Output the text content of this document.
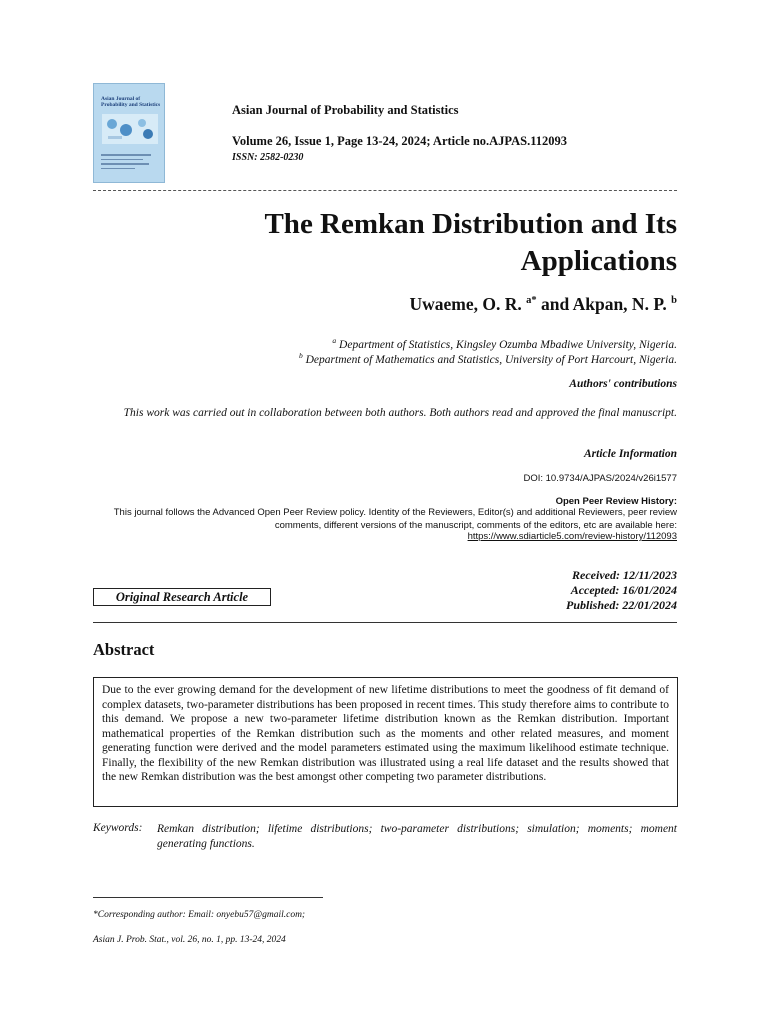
Asian Journal of Probability and Statistics	Asian Journal of Probability and Statistics
Volume 26, Issue 1, Page 13-24, 2024; Article no.AJPAS.112093
ISSN: 2582-0230
The Remkan Distribution and Its
Applications
Uwaeme, O. R. $^{a*}$ and Akpan, N. P. $^b$
$^a$ Department of Statistics, Kingsley Ozumba Mbadiwe University, Nigeria.
$^b$ Department of Mathematics and Statistics, University of Port Harcourt, Nigeria.
Authors' contributions
This work was carried out in collaboration between both authors. Both authors read and approved the final manuscript.
Article Information
DOI: 10.9734/AJPAS/2024/v26i1577
Open Peer Review History:
This journal follows the Advanced Open Peer Review policy. Identity of the Reviewers, Editor(s) and additional Reviewers, peer review comments, different versions of the manuscript, comments of the editors, etc are available here:
https://www.sdiarticle5.com/review-history/112093
Received: 12/11/2023
Accepted: 16/01/2024
Published: 22/01/2024
Original Research Article
Abstract
Due to the ever growing demand for the development of new lifetime distributions to meet the goodness of fit demand of complex datasets, two-parameter distributions has been proposed in recent times. This study therefore aims to contribute to this demand. We propose a new two-parameter lifetime distribution known as the Remkan distribution. Important mathematical properties of the Remkan distribution such as the moments and other related measures, and moment generating function were derived and the model parameters estimated using the maximum likelihood estimate technique. Finally, the flexibility of the new Remkan distribution was illustrated using a real life dataset and the results showed that the new Remkan distribution was the best amongst other competing two parameter distributions.
Keywords: Remkan distribution; lifetime distributions; two-parameter distributions; simulation; moments; moment generating functions.
*Corresponding author: Email: onyebu57@gmail.com;
Asian J. Prob. Stat., vol. 26, no. 1, pp. 13-24, 2024
